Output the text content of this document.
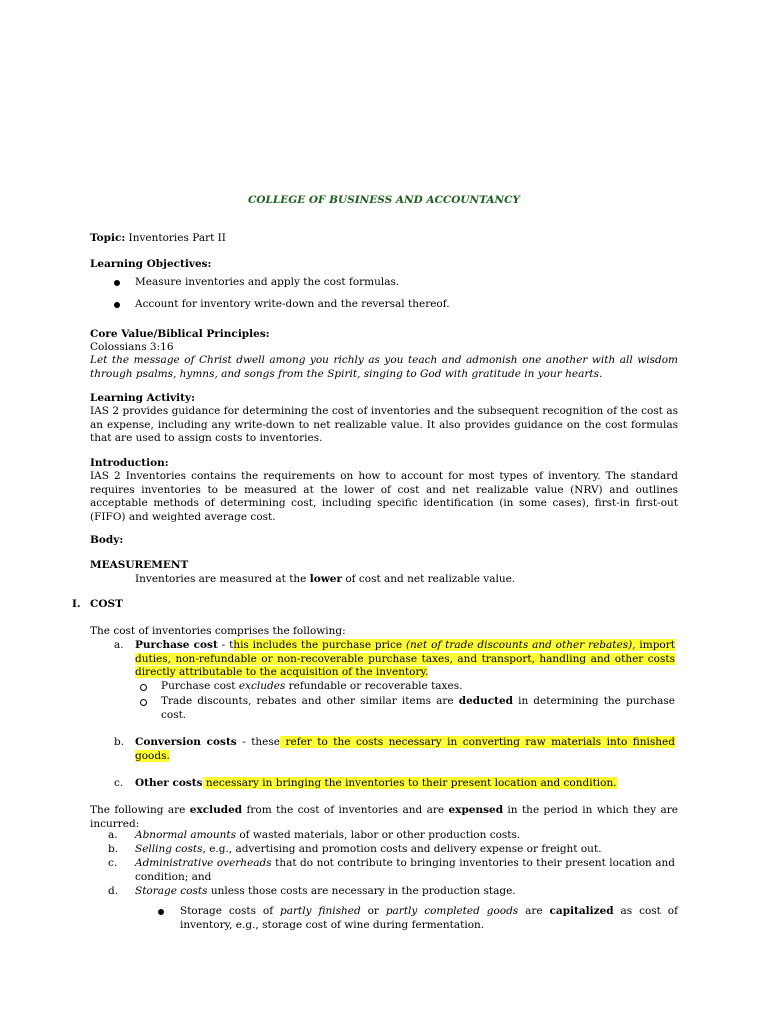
COLLEGE OF BUSINESS AND ACCOUNTANCY
Topic: Inventories Part II
Learning Objectives:
Measure inventories and apply the cost formulas.
Account for inventory write-down and the reversal thereof.
Core Value/Biblical Principles:
Colossians 3:16
Let the message of Christ dwell among you richly as you teach and admonish one another with all wisdom through psalms, hymns, and songs from the Spirit, singing to God with gratitude in your hearts.
Learning Activity:
IAS 2 provides guidance for determining the cost of inventories and the subsequent recognition of the cost as an expense, including any write-down to net realizable value. It also provides guidance on the cost formulas that are used to assign costs to inventories.
Introduction:
IAS 2 Inventories contains the requirements on how to account for most types of inventory. The standard requires inventories to be measured at the lower of cost and net realizable value (NRV) and outlines acceptable methods of determining cost, including specific identification (in some cases), first-in first-out (FIFO) and weighted average cost.
Body:
MEASUREMENT
Inventories are measured at the lower of cost and net realizable value.
I. COST
The cost of inventories comprises the following:
a. Purchase cost - this includes the purchase price (net of trade discounts and other rebates), import duties, non-refundable or non-recoverable purchase taxes, and transport, handling and other costs directly attributable to the acquisition of the inventory.
Purchase cost excludes refundable or recoverable taxes.
Trade discounts, rebates and other similar items are deducted in determining the purchase cost.
b. Conversion costs - these refer to the costs necessary in converting raw materials into finished goods.
c. Other costs necessary in bringing the inventories to their present location and condition.
The following are excluded from the cost of inventories and are expensed in the period in which they are incurred:
a. Abnormal amounts of wasted materials, labor or other production costs.
b. Selling costs, e.g., advertising and promotion costs and delivery expense or freight out.
c. Administrative overheads that do not contribute to bringing inventories to their present location and condition; and
d. Storage costs unless those costs are necessary in the production stage.
Storage costs of partly finished or partly completed goods are capitalized as cost of inventory, e.g., storage cost of wine during fermentation.
